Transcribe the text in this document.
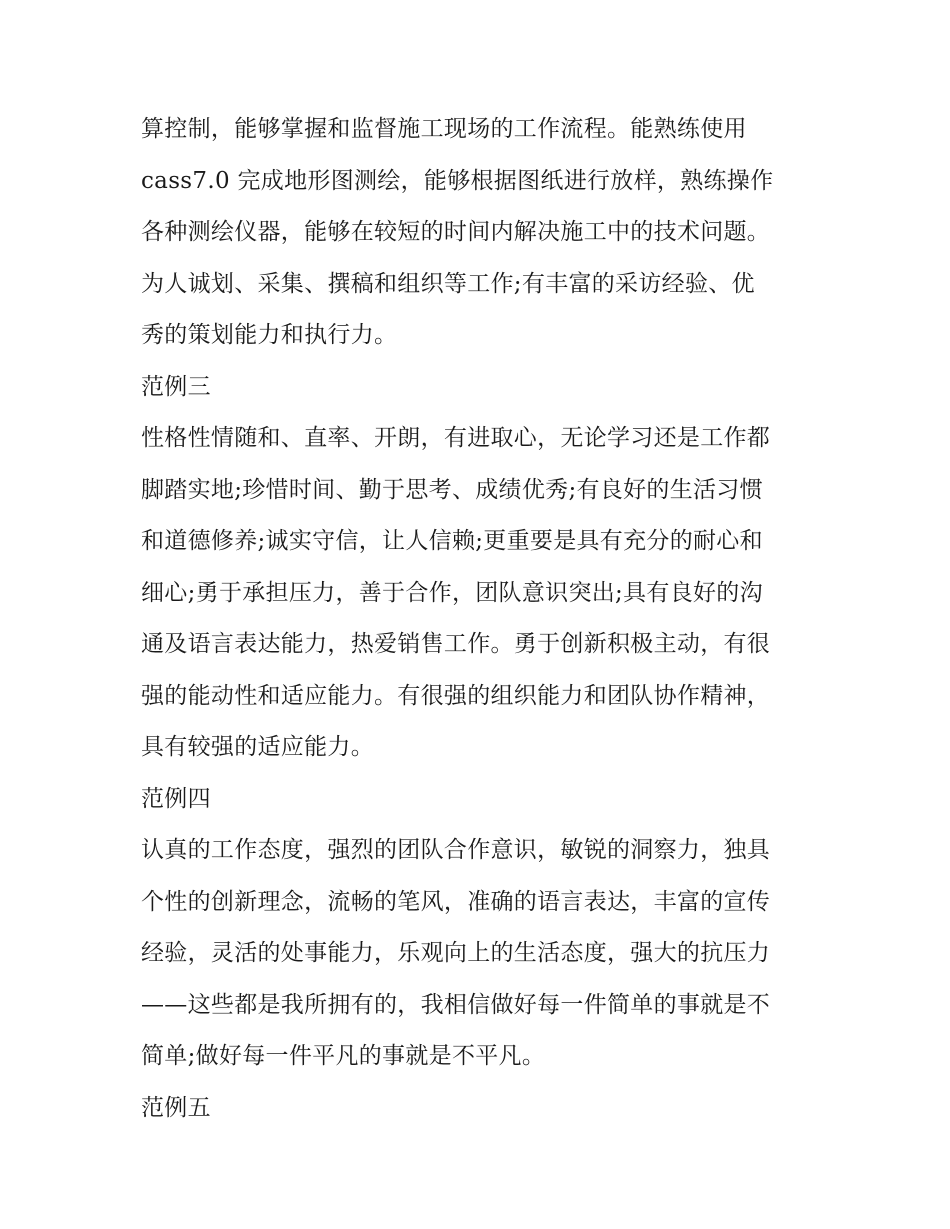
算控制，能够掌握和监督施工现场的工作流程。能熟练使用
cass7.0 完成地形图测绘，能够根据图纸进行放样，熟练操作
各种测绘仪器，能够在较短的时间内解决施工中的技术问题。
为人诚划、采集、撰稿和组织等工作;有丰富的采访经验、优
秀的策划能力和执行力。
范例三
性格性情随和、直率、开朗，有进取心，无论学习还是工作都
脚踏实地;珍惜时间、勤于思考、成绩优秀;有良好的生活习惯
和道德修养;诚实守信，让人信赖;更重要是具有充分的耐心和
细心;勇于承担压力，善于合作，团队意识突出;具有良好的沟
通及语言表达能力，热爱销售工作。勇于创新积极主动，有很
强的能动性和适应能力。有很强的组织能力和团队协作精神，
具有较强的适应能力。
范例四
认真的工作态度，强烈的团队合作意识，敏锐的洞察力，独具
个性的创新理念，流畅的笔风，准确的语言表达，丰富的宣传
经验，灵活的处事能力，乐观向上的生活态度，强大的抗压力
——这些都是我所拥有的，我相信做好每一件简单的事就是不
简单;做好每一件平凡的事就是不平凡。
范例五
